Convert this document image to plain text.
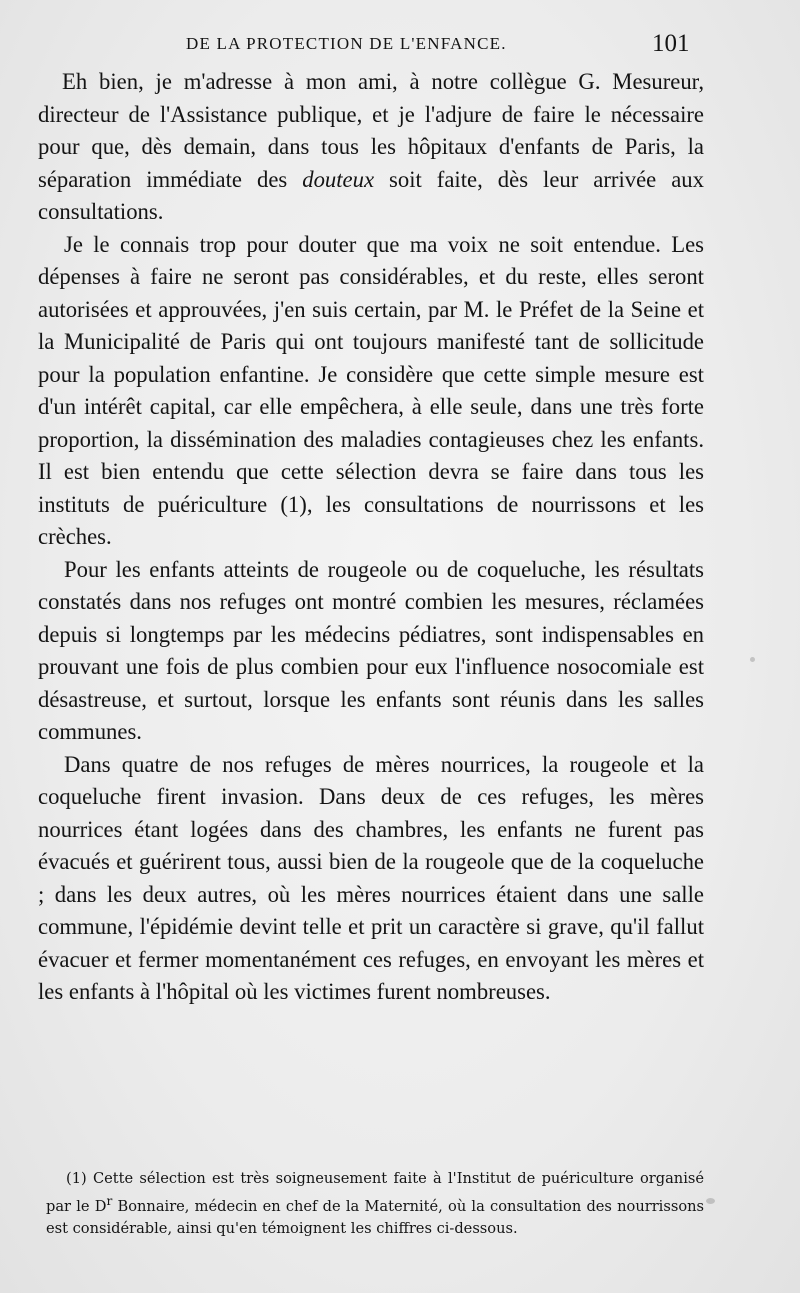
DE LA PROTECTION DE L'ENFANCE.	101

Eh bien, je m'adresse à mon ami, à notre collègue G. Mesureur, directeur de l'Assistance publique, et je l'adjure de faire le nécessaire pour que, dès demain, dans tous les hôpitaux d'enfants de Paris, la séparation immédiate des douteux soit faite, dès leur arrivée aux consultations.

Je le connais trop pour douter que ma voix ne soit entendue. Les dépenses à faire ne seront pas considérables, et du reste, elles seront autorisées et approuvées, j'en suis certain, par M. le Préfet de la Seine et la Municipalité de Paris qui ont toujours manifesté tant de sollicitude pour la population enfantine. Je considère que cette simple mesure est d'un intérêt capital, car elle empêchera, à elle seule, dans une très forte proportion, la dissémination des maladies contagieuses chez les enfants. Il est bien entendu que cette sélection devra se faire dans tous les instituts de puériculture (1), les consultations de nourrissons et les crèches.

Pour les enfants atteints de rougeole ou de coqueluche, les résultats constatés dans nos refuges ont montré combien les mesures, réclamées depuis si longtemps par les médecins pédiatres, sont indispensables en prouvant une fois de plus combien pour eux l'influence nosocomiale est désastreuse, et surtout, lorsque les enfants sont réunis dans les salles communes.

Dans quatre de nos refuges de mères nourrices, la rougeole et la coqueluche firent invasion. Dans deux de ces refuges, les mères nourrices étant logées dans des chambres, les enfants ne furent pas évacués et guérirent tous, aussi bien de la rougeole que de la coqueluche ; dans les deux autres, où les mères nourrices étaient dans une salle commune, l'épidémie devint telle et prit un caractère si grave, qu'il fallut évacuer et fermer momentanément ces refuges, en envoyant les mères et les enfants à l'hôpital où les victimes furent nombreuses.

(1) Cette sélection est très soigneusement faite à l'Institut de puériculture organisé par le $D^r$ Bonnaire, médecin en chef de la Maternité, où la consultation des nourrissons est considérable, ainsi qu'en témoignent les chiffres ci-dessous.
